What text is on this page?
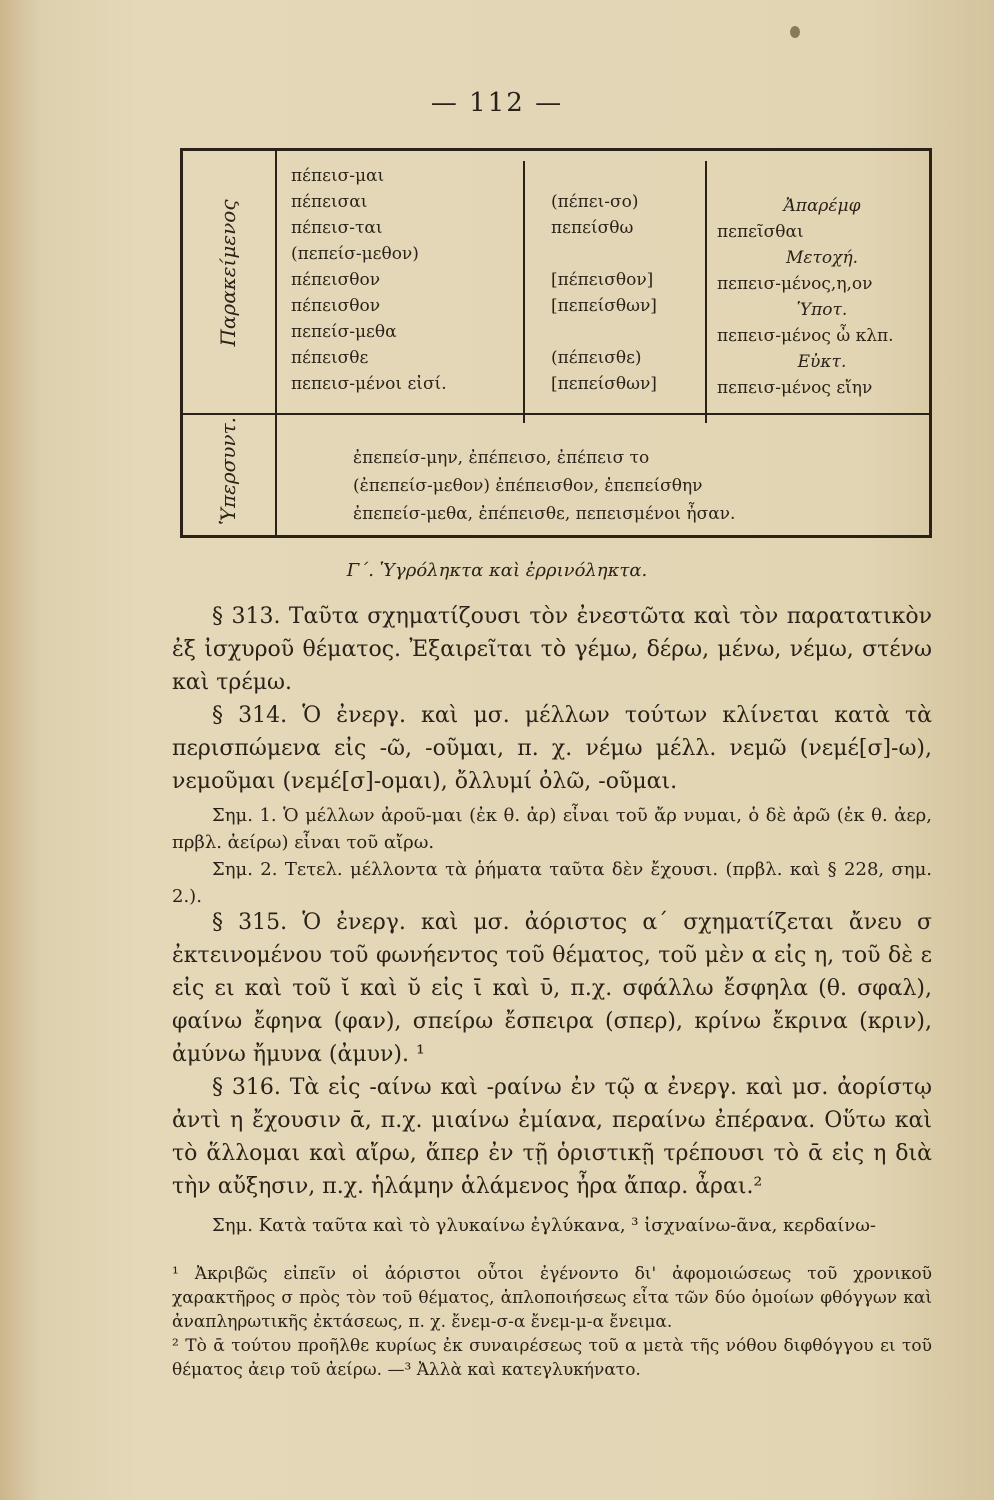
— 112 —
Παρακείμενος
Ὑπερσυντ.
πέπεισ-μαι
πέπεισαι
πέπεισ-ται
(πεπείσ-μεθον)
πέπεισθον
πέπεισθον
πεπείσ-μεθα
πέπεισθε
πεπεισ-μένοι εἰσί.
(πέπει-σο)
πεπείσθω
[πέπεισθον]
[πεπείσθων]
(πέπεισθε)
[πεπείσθων]
Ἀπαρέμφ
πεπεῖσθαι
Μετοχή.
πεπεισ-μένος,η,ον
Ὑποτ.
πεπεισ-μένος ὦ κλπ.
Εὐκτ.
πεπεισ-μένος εἴην
ἐπεπείσ-μην, ἐπέπεισο, ἐπέπεισ το
(ἐπεπείσ-μεθον) ἐπέπεισθον, ἐπεπείσθην
ἐπεπείσ-μεθα, ἐπέπεισθε, πεπεισμένοι ἦσαν.
Γ΄. Ὑγρόληκτα καὶ ἐρρινόληκτα.

§ 313. Ταῦτα σχηματίζουσι τὸν ἐνεστῶτα καὶ τὸν παρατατικὸν ἐξ ἰσχυροῦ θέματος. Ἐξαιρεῖται τὸ γέμω, δέρω, μένω, νέμω, στένω καὶ τρέμω.

§ 314. Ὁ ἐνεργ. καὶ μσ. μέλλων τούτων κλίνεται κατὰ τὰ περισπώμενα εἰς -ῶ, -οῦμαι, π. χ. νέμω μέλλ. νεμῶ (νεμέ[σ]-ω), νεμοῦμαι (νεμέ[σ]-ομαι), ὄλλυμί ὀλῶ, -οῦμαι.

Σημ. 1. Ὁ μέλλων ἀροῦ-μαι (ἐκ θ. ἀρ) εἶναι τοῦ ἄρ νυμαι, ὁ δὲ ἀρῶ (ἐκ θ. ἀερ, πρβλ. ἀείρω) εἶναι τοῦ αἴρω.

Σημ. 2. Τετελ. μέλλοντα τὰ ῥήματα ταῦτα δὲν ἔχουσι. (πρβλ. καὶ § 228, σημ. 2.).

§ 315. Ὁ ἐνεργ. καὶ μσ. ἀόριστος α΄ σχηματίζεται ἄνευ σ ἐκτεινομένου τοῦ φωνήεντος τοῦ θέματος, τοῦ μὲν α εἰς η, τοῦ δὲ ε εἰς ει καὶ τοῦ ῐ καὶ ῠ εἰς ῑ καὶ ῡ, π.χ. σφάλλω ἔσφηλα (θ. σφαλ), φαίνω ἔφηνα (φαν), σπείρω ἔσπειρα (σπερ), κρίνω ἔκρινα (κριν), ἀμύνω ἤμυνα (ἀμυν). ¹

§ 316. Τὰ εἰς -αίνω καὶ -ραίνω ἐν τῷ α ἐνεργ. καὶ μσ. ἀορίστῳ ἀντὶ η ἔχουσιν ᾱ, π.χ. μιαίνω ἐμίανα, περαίνω ἐπέρανα. Οὕτω καὶ τὸ ἅλλομαι καὶ αἴρω, ἅπερ ἐν τῇ ὁριστικῇ τρέπουσι τὸ ᾱ εἰς η διὰ τὴν αὔξησιν, π.χ. ἡλάμην ἁλάμενος ἦρα ἄπαρ. ἆραι.²

Σημ. Κατὰ ταῦτα καὶ τὸ γλυκαίνω ἐγλύκανα, ³ ἰσχναίνω-ᾶνα, κερδαίνω-

¹ Ἀκριβῶς εἰπεῖν οἱ ἀόριστοι οὗτοι ἐγένοντο δι' ἀφομοιώσεως τοῦ χρονικοῦ χαρακτῆρος σ πρὸς τὸν τοῦ θέματος, ἁπλοποιήσεως εἶτα τῶν δύο ὁμοίων φθόγγων καὶ ἀναπληρωτικῆς ἐκτάσεως, π. χ. ἔνεμ-σ-α ἔνεμ-μ-α ἔνειμα.

² Τὸ ᾱ τούτου προῆλθε κυρίως ἐκ συναιρέσεως τοῦ α μετὰ τῆς νόθου διφθόγγου ει τοῦ θέματος ἀειρ τοῦ ἀείρω. —³ Ἀλλὰ καὶ κατεγλυκήνατο.
